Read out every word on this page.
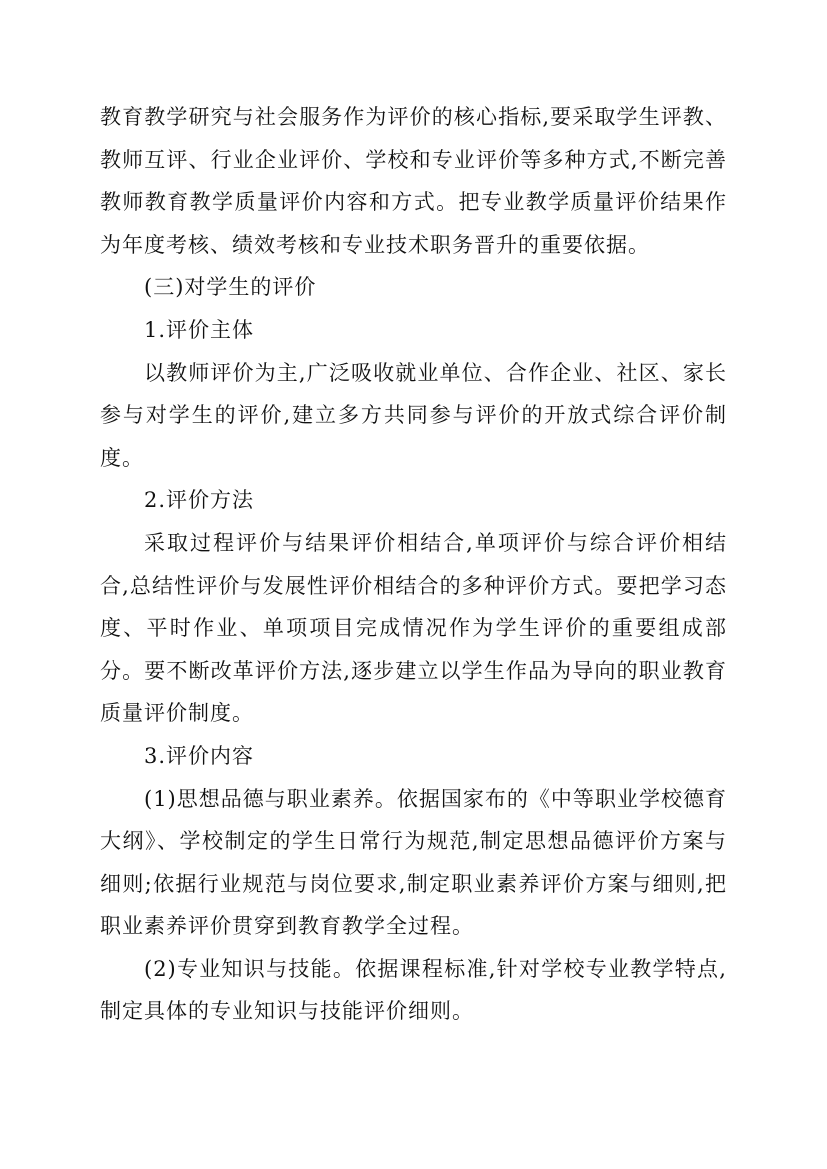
教育教学研究与社会服务作为评价的核心指标,要采取学生评教、教师互评、行业企业评价、学校和专业评价等多种方式,不断完善教师教育教学质量评价内容和方式。把专业教学质量评价结果作为年度考核、绩效考核和专业技术职务晋升的重要依据。

(三)对学生的评价

1.评价主体

以教师评价为主,广泛吸收就业单位、合作企业、社区、家长参与对学生的评价,建立多方共同参与评价的开放式综合评价制度。

2.评价方法

采取过程评价与结果评价相结合,单项评价与综合评价相结合,总结性评价与发展性评价相结合的多种评价方式。要把学习态度、平时作业、单项项目完成情况作为学生评价的重要组成部分。要不断改革评价方法,逐步建立以学生作品为导向的职业教育质量评价制度。

3.评价内容

(1)思想品德与职业素养。依据国家布的《中等职业学校德育大纲》、学校制定的学生日常行为规范,制定思想品德评价方案与细则;依据行业规范与岗位要求,制定职业素养评价方案与细则,把职业素养评价贯穿到教育教学全过程。

(2)专业知识与技能。依据课程标准,针对学校专业教学特点,制定具体的专业知识与技能评价细则。
